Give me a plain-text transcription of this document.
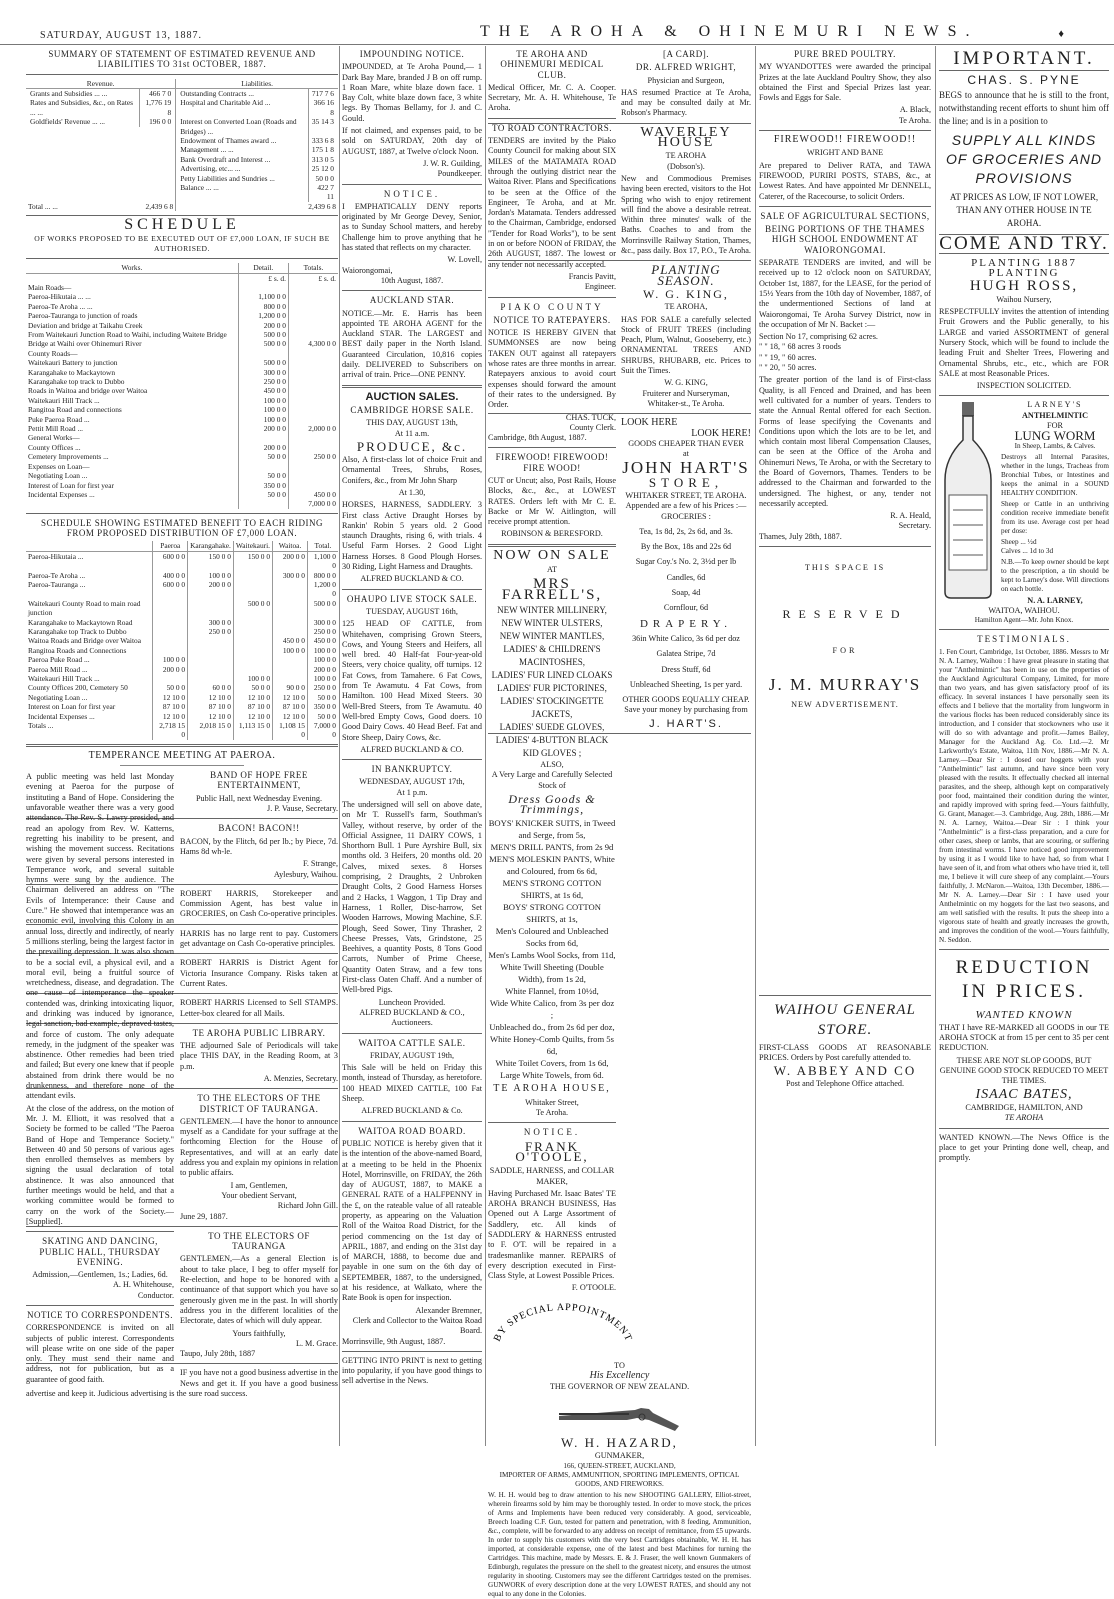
SATURDAY, AUGUST 13, 1887.	THE AROHA & OHINEMURI NEWS.	♦
SUMMARY OF STATEMENT OF ESTIMATED REVENUE AND LIABILITIES TO 31st OCTOBER, 1887.
Revenue.	Liabilities.

Grants and Subsidies ... ...	466 7 0
Rates and Subsidies, &c., on Rates ... ...	1,776 19 8
Goldfields' Revenue ... ...	196 0 0

Outstanding Contracts ...	717 7 6
Hospital and Charitable Aid ...	366 16 8
Interest on Converted Loan (Roads and Bridges) ...	35 14 3
Endowment of Thames award ...	333 6 8
Management ... ...	175 1 8
Bank Overdraft and Interest ...	313 0 5
Advertising, etc... ...	25 12 0
Petty Liabilities and Sundries ...	50 0 0
Balance ... ...	422 7 11

Total ... ...	2,439 6 8	2,439 6 8
SCHEDULE
OF WORKS PROPOSED TO BE EXECUTED OUT OF £7,000 LOAN, IF SUCH BE AUTHORISED.
Works.	Detail.	Totals.
	£ s. d.	£ s. d.
Main Roads—		
Paeroa-Hikutaia ... ...	1,100 0 0	
Paeroa-Te Aroha ... ...	800 0 0	
Paeroa-Tauranga to junction of roads	1,200 0 0	
Deviation and bridge at Taikahu Creek	200 0 0	
From Waitekauri Junction Road to Waihi, including Waitete Bridge	500 0 0	
Bridge at Waihi over Ohinemuri River	500 0 0	4,300 0 0
County Roads—		
Waitekauri Battery to junction	500 0 0	
Karangahake to Mackaytown	300 0 0	
Karangahake top track to Dubbo	250 0 0	
Roads in Waitoa and bridge over Waitoa	450 0 0	
Waitekauri Hill Track ...	100 0 0	
Rangitoa Road and connections	100 0 0	
Puke Paeroa Road ...	100 0 0	
Pettit Mill Road ...	200 0 0	2,000 0 0
General Works—		
County Offices ...	200 0 0	
Cemetery Improvements ...	50 0 0	250 0 0
Expenses on Loan—		
Negotiating Loan ...	50 0 0	
Interest of Loan for first year	350 0 0	
Incidental Expenses ...	50 0 0	450 0 0
		7,000 0 0
SCHEDULE SHOWING ESTIMATED BENEFIT TO EACH RIDING FROM PROPOSED DISTRIBUTION OF £7,000 LOAN.
	Paeroa	Karangahake.	Waitekauri.	Waitoa.	Total.
Paeroa-Hikutaia ...	600 0 0	150 0 0	150 0 0	200 0 0	1,100 0 0
Paeroa-Te Aroha ...	400 0 0	100 0 0		300 0 0	800 0 0
Paeroa-Tauranga ...	600 0 0	200 0 0			1,200 0 0
Waitekauri County Road to main road junction			500 0 0		500 0 0
Karangahake to Mackaytown Road		300 0 0			300 0 0
Karangahake top Track to Dubbo		250 0 0			250 0 0
Waitoa Roads and Bridge over Waitoa				450 0 0	450 0 0
Rangitoa Roads and Connections				100 0 0	100 0 0
Paeroa Puke Road ...	100 0 0				100 0 0
Paeroa Mill Road ...	200 0 0				200 0 0
Waitekauri Hill Track ...			100 0 0		100 0 0
County Offices 200, Cemetery 50	50 0 0	60 0 0	50 0 0	90 0 0	250 0 0
Negotiating Loan ...	12 10 0	12 10 0	12 10 0	12 10 0	50 0 0
Interest on Loan for first year	87 10 0	87 10 0	87 10 0	87 10 0	350 0 0
Incidental Expenses ...	12 10 0	12 10 0	12 10 0	12 10 0	50 0 0
Totals ...	2,718 15 0	2,018 15 0	1,113 15 0	1,108 15 0	7,000 0 0
TEMPERANCE MEETING AT PAEROA.

A public meeting was held last Monday evening at Paeroa for the purpose of instituting a Band of Hope. Considering the unfavorable weather there was a very good attendance. The Rev. S. Lawry presided, and read an apology from Rev. W. Katterns, regretting his inability to be present, and wishing the movement success. Recitations were given by several persons interested in Temperance work, and several suitable hymns were sung by the audience. The Chairman delivered an address on "The Evils of Intemperance: their Cause and Cure." He showed that intemperance was an economic evil, involving this Colony in an annual loss, directly and indirectly, of nearly 5 millions sterling, being the largest factor in the prevailing depression. It was also shown to be a social evil, a physical evil, and a moral evil, being a fruitful source of wretchedness, disease, and degradation. The one cause of intemperance the speaker contended was, drinking intoxicating liquor, and drinking was induced by ignorance, legal sanction, bad example, depraved tastes, and force of custom. The only adequate remedy, in the judgment of the speaker was abstinence. Other remedies had been tried and failed; But every one knew that if people abstained from drink there would be no drunkenness, and therefore none of the attendant evils.

At the close of the address, on the motion of Mr. J. M. Elliott, it was resolved that a Society be formed to be called "The Paeroa Band of Hope and Temperance Society." Between 40 and 50 persons of various ages then enrolled themselves as members by signing the usual declaration of total abstinence. It was also announced that further meetings would be held, and that a working committee would be formed to carry on the work of the Society.—[Supplied].

SKATING AND DANCING, PUBLIC HALL, THURSDAY EVENING.
Admission,—Gentlemen, 1s.; Ladies, 6d.
A. H. Whitehouse,
Conductor.
NOTICE TO CORRESPONDENTS.

CORRESPONDENCE is invited on all subjects of public interest. Correspondents will please write on one side of the paper only. They must send their name and address, not for publication, but as a guarantee of good faith.

BAND OF HOPE FREE ENTERTAINMENT,
Public Hall, next Wednesday Evening.
J. P. Vause, Secretary.
BACON! BACON!!

BACON, by the Flitch, 6d per lb.; by Piece, 7d. Hams 8d wh-le.

F. Strange,
Aylesbury, Waihou.

ROBERT HARRIS, Storekeeper and Commission Agent, has best value in GROCERIES, on Cash Co-operative principles.

HARRIS has no large rent to pay. Customers get advantage on Cash Co-operative principles.

ROBERT HARRIS is District Agent for Victoria Insurance Company. Risks taken at Current Rates.

ROBERT HARRIS Licensed to Sell STAMPS. Letter-box cleared for all Mails.

TE AROHA PUBLIC LIBRARY.

THE adjourned Sale of Periodicals will take place THIS DAY, in the Reading Room, at 3 p.m.

A. Menzies, Secretary.
TO THE ELECTORS OF THE DISTRICT OF TAURANGA.

GENTLEMEN.—I have the honor to announce myself as a Candidate for your suffrage at the forthcoming Election for the House of Representatives, and will at an early date address you and explain my opinions in relation to public affairs.

I am, Gentlemen,
Your obedient Servant,
Richard John Gill.
June 29, 1887.
TO THE ELECTORS OF TAURANGA

GENTLEMEN,—As a general Election is about to take place, I beg to offer myself for Re-election, and hope to be honored with a continuance of that support which you have so generously given me in the past. In will shortly address you in the different localities of the Electorate, dates of which will duly appear.

Yours faithfully,
L. M. Grace.
Taupo, July 28th, 1887

IF you have not a good business advertise in the News and get it. If you have a good business advertise and keep it. Judicious advertising is the sure road success.

IMPOUNDING NOTICE.

IMPOUNDED, at Te Aroha Pound,— 1 Dark Bay Mare, branded J B on off rump. 1 Roan Mare, white blaze down face. 1 Bay Colt, white blaze down face, 3 white legs. By Thomas Bellamy, for J. and C. Gould.

If not claimed, and expenses paid, to be sold on SATURDAY, 20th day of AUGUST, 1887, at Twelve o'clock Noon.

J. W. R. Guilding,
Poundkeeper.
NOTICE.

I EMPHATICALLY DENY reports originated by Mr George Devey, Senior, as to Sunday School matters, and hereby Challenge him to prove anything that he has stated that reflects on my character.

W. Lovell,
Waiorongomai,
10th August, 1887.
AUCKLAND STAR.

NOTICE.—Mr. E. Harris has been appointed TE AROHA AGENT for the Auckland STAR. The LARGEST and BEST daily paper in the North Island. Guaranteed Circulation, 10,816 copies daily. DELIVERED to Subscribers on arrival of train. Price—ONE PENNY.

AUCTION SALES.
CAMBRIDGE HORSE SALE.
THIS DAY, AUGUST 13th,
At 11 a.m.
PRODUCE, &c.

Also, A first-class lot of choice Fruit and Ornamental Trees, Shrubs, Roses, Conifers, &c., from Mr John Sharp

At 1.30,

HORSES, HARNESS, SADDLERY. 3 First class Active Draught Horses by Rankin' Robin 5 years old. 2 Good staunch Draughts, rising 6, with trials. 4 Useful Farm Horses. 2 Good Light Harness Horses. 8 Good Plough Horses. 30 Riding, Light Harness and Draughts.

ALFRED BUCKLAND & CO.
OHAUPO LIVE STOCK SALE.
TUESDAY, AUGUST 16th,

125 HEAD OF CATTLE, from Whitehaven, comprising Grown Steers, Cows, and Young Steers and Heifers, all well bred. 40 Half-fat Four-year-old Steers, very choice quality, off turnips. 12 Fat Cows, from Tamahere. 6 Fat Cows, from Te Awamutu. 4 Fat Cows, from Hamilton. 100 Head Mixed Steers. 30 Well-Bred Steers, from Te Awamutu. 40 Well-bred Empty Cows, Good doers. 10 Good Dairy Cows. 40 Head Beef. Fat and Store Sheep, Dairy Cows, &c.

ALFRED BUCKLAND & CO.
IN BANKRUPTCY.
WEDNESDAY, AUGUST 17th,
At 1 p.m.

The undersigned will sell on above date, on Mr T. Russell's farm, Southman's Valley, without reserve, by order of the Official Assignee, 11 DAIRY COWS, 1 Shorthorn Bull. 1 Pure Ayrshire Bull, six months old. 3 Heifers, 20 months old. 20 Calves, mixed sexes. 8 Horses comprising, 2 Draughts, 2 Unbroken Draught Colts, 2 Good Harness Horses and 2 Hacks, 1 Waggon, 1 Tip Dray and Harness, 1 Roller, Disc-harrow, Set Wooden Harrows, Mowing Machine, S.F. Plough, Seed Sower, Tiny Thrasher, 2 Cheese Presses, Vats, Grindstone, 25 Beehives, a quantity Posts, 8 Tons Good Carrots, Number of Prime Cheese, Quantity Oaten Straw, and a few tons First-class Oaten Chaff. And a number of Well-bred Pigs.

Luncheon Provided.
ALFRED BUCKLAND & CO.,
Auctioneers.
WAITOA CATTLE SALE.
FRIDAY, AUGUST 19th,

This Sale will be held on Friday this month, instead of Thursday, as heretofore. 100 HEAD MIXED CATTLE, 100 Fat Sheep.

ALFRED BUCKLAND & Co.
WAITOA ROAD BOARD.

PUBLIC NOTICE is hereby given that it is the intention of the above-named Board, at a meeting to be held in the Phoenix Hotel, Morrinsville, on FRIDAY, the 26th day of AUGUST, 1887, to MAKE a GENERAL RATE of a HALFPENNY in the £, on the rateable value of all rateable property, as appearing on the Valuation Roll of the Waitoa Road District, for the period commencing on the 1st day of APRIL, 1887, and ending on the 31st day of MARCH, 1888, to become due and payable in one sum on the 6th day of SEPTEMBER, 1887, to the undersigned, at his residence, at Walkato, where the Rate Book is open for inspection.

Alexander Bremner,
Clerk and Collector to the Waitoa Road Board.
Morrinsville, 9th August, 1887.

GETTING INTO PRINT is next to getting into popularity, if you have good things to sell advertise in the News.

TE AROHA AND OHINEMURI MEDICAL CLUB.

Medical Officer, Mr. C. A. Cooper. Secretary, Mr. A. H. Whitehouse, Te Aroha.

TO ROAD CONTRACTORS.

TENDERS are invited by the Piako County Council for making about SIX MILES of the MATAMATA ROAD through the outlying district near the Waitoa River. Plans and Specifications to be seen at the Office of the Engineer, Te Aroha, and at Mr. Jordan's Matamata. Tenders addressed to the Chairman, Cambridge, endorsed "Tender for Road Works"), to be sent in on or before NOON of FRIDAY, the 26th AUGUST, 1887. The lowest or any tender not necessarily accepted.

Francis Pavitt,
Engineer.
PIAKO COUNTY
NOTICE TO RATEPAYERS.

NOTICE IS HEREBY GIVEN that SUMMONSES are now being TAKEN OUT against all ratepayers whose rates are three months in arrear. Ratepayers anxious to avoid court expenses should forward the amount of their rates to the undersigned. By Order.

CHAS. TUCK,
County Clerk.
Cambridge, 8th August, 1887.
FIREWOOD! FIREWOOD! FIRE WOOD!

CUT or Uncut; also, Post Rails, House Blocks, &c., &c., at LOWEST RATES. Orders left with Mr C. E. Backe or Mr W. Aitlington, will receive prompt attention.

ROBINSON & BERESFORD.
NOW ON SALE
AT
MRS FARRELL'S,
NEW WINTER MILLINERY,
NEW WINTER ULSTERS,
NEW WINTER MANTLES,
LADIES' & CHILDREN'S MACINTOSHES,
LADIES' FUR LINED CLOAKS
LADIES' FUR PICTORINES,
LADIES' STOCKINGETTE JACKETS,
LADIES' SUEDE GLOVES,
LADIES' 4-BUTTON BLACK KID GLOVES ;
ALSO,
A Very Large and Carefully Selected Stock of
Dress Goods & Trimmings,
BOYS' KNICKER SUITS, in Tweed and Serge, from 5s,
MEN'S DRILL PANTS, from 2s 9d
MEN'S MOLESKIN PANTS, White and Coloured, from 6s 6d,
MEN'S STRONG COTTON SHIRTS, at 1s 6d,
BOYS' STRONG COTTON SHIRTS, at 1s,
Men's Coloured and Unbleached Socks from 6d,
Men's Lambs Wool Socks, from 11d,
White Twill Sheeting (Double Width), from 1s 2d,
White Flannel, from 10½d,
Wide White Calico, from 3s per doz ;
Unbleached do., from 2s 6d per doz,
White Honey-Comb Quilts, from 5s 6d,
White Toilet Covers, from 1s 6d,
Large White Towels, from 6d.
TE AROHA HOUSE,
Whitaker Street,
Te Aroha.
NOTICE.
FRANK O'TOOLE,
SADDLE, HARNESS, and COLLAR MAKER,

Having Purchased Mr. Isaac Bates' TE AROHA BRANCH BUSINESS, Has Opened out A Large Assortment of Saddlery, etc. All kinds of SADDLERY & HARNESS entrusted to F. O'T. will be repaired in a tradesmanlike manner. REPAIRS of every description executed in First-Class Style, at Lowest Possible Prices.

F. O'TOOLE.
[A CARD].
DR. ALFRED WRIGHT,
Physician and Surgeon,

HAS resumed Practice at Te Aroha, and may be consulted daily at Mr. Robson's Pharmacy.

WAVERLEY HOUSE
TE AROHA
(Dobson's).

New and Commodious Premises having been erected, visitors to the Hot Spring who wish to enjoy retirement will find the above a desirable retreat. Within three minutes' walk of the Baths. Coaches to and from the Morrinsville Railway Station, Thames, &c., pass daily. Box 17, P.O., Te Aroha.

PLANTING SEASON.
W. G. KING,
TE AROHA,

HAS FOR SALE a carefully selected Stock of FRUIT TREES (including Peach, Plum, Walnut, Gooseberry, etc.) ORNAMENTAL TREES AND SHRUBS, RHUBARB, etc. Prices to Suit the Times.

W. G. KING,
Fruiterer and Nurseryman,
Whitaker-st., Te Aroha.
LOOK HERE
LOOK HERE!
GOODS CHEAPER THAN EVER
at
JOHN HART'S
STORE,
WHITAKER STREET, TE AROHA.
Appended are a few of his Prices :—
GROCERIES :
Tea, 1s 8d, 2s, 2s 6d, and 3s.
By the Box, 18s and 22s 6d
Sugar Coy.'s No. 2, 3½d per lb
Candles, 6d
Soap, 4d
Cornflour, 6d
DRAPERY.
36in White Calico, 3s 6d per doz
Galatea Stripe, 7d
Dress Stuff, 6d
Unbleached Sheeting, 1s per yard.
OTHER GOODS EQUALLY CHEAP.
Save your money by purchasing from
J. HART'S.
BY SPECIAL APPOINTMENT
TO
His Excellency
THE GOVERNOR OF NEW ZEALAND.
W. H. HAZARD,
GUNMAKER,
166, QUEEN-STREET, AUCKLAND,
IMPORTER OF ARMS, AMMUNITION, SPORTING IMPLEMENTS, OPTICAL GOODS, AND FIREWORKS.

W. H. H. would beg to draw attention to his new SHOOTING GALLERY, Elliot-street, wherein firearms sold by him may be thoroughly tested. In order to move stock, the prices of Arms and Implements have been reduced very considerably. A good, serviceable, Breech loading C.F. Gun, tested for pattern and penetration, with 8 feeding, Ammunition, &c., complete, will be forwarded to any address on receipt of remittance, from £5 upwards. In order to supply his customers with the very best Cartridges obtainable, W. H. H. has imported, at considerable expense, one of the latest and best Machines for turning the Cartridges. This machine, made by Messrs. E. & J. Fraser, the well known Gunmakers of Edinburgh, regulates the pressure on the shell to the greatest nicety, and ensures the utmost regularity in shooting. Customers may see the different Cartridges tested on the premises. GUNWORK of every description done at the very LOWEST RATES, and should any not equal to any done in the Colonies.

PURE BRED POULTRY.

MY WYANDOTTES were awarded the principal Prizes at the late Auckland Poultry Show, they also obtained the First and Special Prizes last year. Fowls and Eggs for Sale.

A. Black,
Te Aroha.
FIREWOOD!! FIREWOOD!!
WRIGHT AND BANE

Are prepared to Deliver RATA, and TAWA FIREWOOD, PURIRI POSTS, STABS, &c., at Lowest Rates. And have appointed Mr DENNELL, Caterer, of the Racecourse, to solicit Orders.

SALE OF AGRICULTURAL SECTIONS,
BEING PORTIONS OF THE THAMES HIGH SCHOOL ENDOWMENT AT WAIORONGOMAI.

SEPARATE TENDERS are invited, and will be received up to 12 o'clock noon on SATURDAY, October 1st, 1887, for the LEASE, for the period of 15½ Years from the 10th day of November, 1887, of the undermentioned Sections of land at Waiorongomai, Te Aroha Survey District, now in the occupation of Mr N. Backet :—

Section No 17, comprising 62 acres.
" " 18, " 68 acres 3 roods
" " 19, " 60 acres.
" " 20, " 50 acres.

The greater portion of the land is of First-class Quality, is all Fenced and Drained, and has been well cultivated for a number of years. Tenders to state the Annual Rental offered for each Section. Forms of lease specifying the Covenants and Conditions upon which the lots are to be let, and which contain most liberal Compensation Clauses, can be seen at the Office of the Aroha and Ohinemuri News, Te Aroha, or with the Secretary to the Board of Governors, Thames. Tenders to be addressed to the Chairman and forwarded to the undersigned. The highest, or any, tender not necessarily accepted.

R. A. Heald,
Secretary.
Thames, July 28th, 1887.
THIS SPACE IS
RESERVED
FOR
J. M. MURRAY'S
NEW ADVERTISEMENT.
WAIHOU GENERAL STORE.

FIRST-CLASS GOODS AT REASONABLE PRICES. Orders by Post carefully attended to.

W. ABBEY AND CO
Post and Telephone Office attached.
IMPORTANT.
CHAS. S. PYNE

BEGS to announce that he is still to the front, notwithstanding recent efforts to shunt him off the line; and is in a position to

SUPPLY ALL KINDS OF GROCERIES AND PROVISIONS

AT PRICES AS LOW, IF NOT LOWER, THAN ANY OTHER HOUSE IN TE AROHA.

COME AND TRY.
PLANTING 1887 PLANTING
HUGH ROSS,
Waihou Nursery,

RESPECTFULLY invites the attention of intending Fruit Growers and the Public generally, to his LARGE and varied ASSORTMENT of general Nursery Stock, which will be found to include the leading Fruit and Shelter Trees, Flowering and Ornamental Shrubs, etc., etc., which are FOR SALE at most Reasonable Prices.

INSPECTION SOLICITED.
LARNEY'S
ANTHELMINTIC
FOR
LUNG WORM
In Sheep, Lambs, & Calves.

Destroys all Internal Parasites, whether in the lungs, Tracheas from Bronchial Tubes, or Intestines and keeps the animal in a SOUND HEALTHY CONDITION.

Sheep or Cattle in an unthriving condition receive immediate benefit from its use. Average cost per head per dose:

Sheep ... ½d
Calves ... 1d to 3d

N.B.—To keep owner should be kept to the prescription, a tin should be kept to Larney's dose. Will directions on each bottle.

N. A. LARNEY,
WAITOA, WAIHOU.
Hamilton Agent—Mr. John Knox.
TESTIMONIALS.

1. Fen Court, Cambridge, 1st October, 1886. Messrs to Mr N. A. Larney, Waihou : I have great pleasure in stating that your "Anthelmintic" has been in use on the properties of the Auckland Agricultural Company, Limited, for more than two years, and has given satisfactory proof of its efficacy. In several instances I have personally seen its effects and I believe that the mortality from lungworm in the various flocks has been reduced considerably since its introduction, and I consider that stockowners who use it will do so with advantage and profit.—James Bailey, Manager for the Auckland Ag. Co. Ltd.—2. Mr Larkworthy's Estate, Waitoa, 11th Nov, 1886.—Mr N. A. Larney.—Dear Sir : I dosed our hoggets with your "Anthelmintic" last autumn, and have since been very pleased with the results. It effectually checked all internal parasites, and the sheep, although kept on comparatively poor food, maintained their condition during the winter, and rapidly improved with spring feed.—Yours faithfully, G. Grant, Manager.—3. Cambridge, Aug. 28th, 1886.—Mr N. A. Larney, Waitoa.—Dear Sir : I think your "Anthelmintic" is a first-class preparation, and a cure for other cases, sheep or lambs, that are scouring, or suffering from intestinal worms. I have noticed good improvement by using it as I would like to have had, so from what I have seen of it, and from what others who have tried it, tell me, I believe it will cure sheep of any complaint.—Yours faithfully, J. McNaron.—Waitoa, 13th December, 1886.—Mr N. A. Larney.—Dear Sir : I have used your Anthelmintic on my hoggets for the last two seasons, and am well satisfied with the results. It puts the sheep into a vigorous state of health and greatly increases the growth, and improves the condition of the wool.—Yours faithfully, N. Seddon.

REDUCTION IN PRICES.
WANTED KNOWN

THAT I have RE-MARKED all GOODS in our TE AROHA STOCK at from 15 per cent to 35 per cent REDUCTION.

THESE ARE NOT SLOP GOODS, BUT GENUINE GOOD STOCK REDUCED TO MEET THE TIMES.

ISAAC BATES,
CAMBRIDGE, HAMILTON, AND
TE AROHA

WANTED KNOWN.—The News Office is the place to get your Printing done well, cheap, and promptly.
